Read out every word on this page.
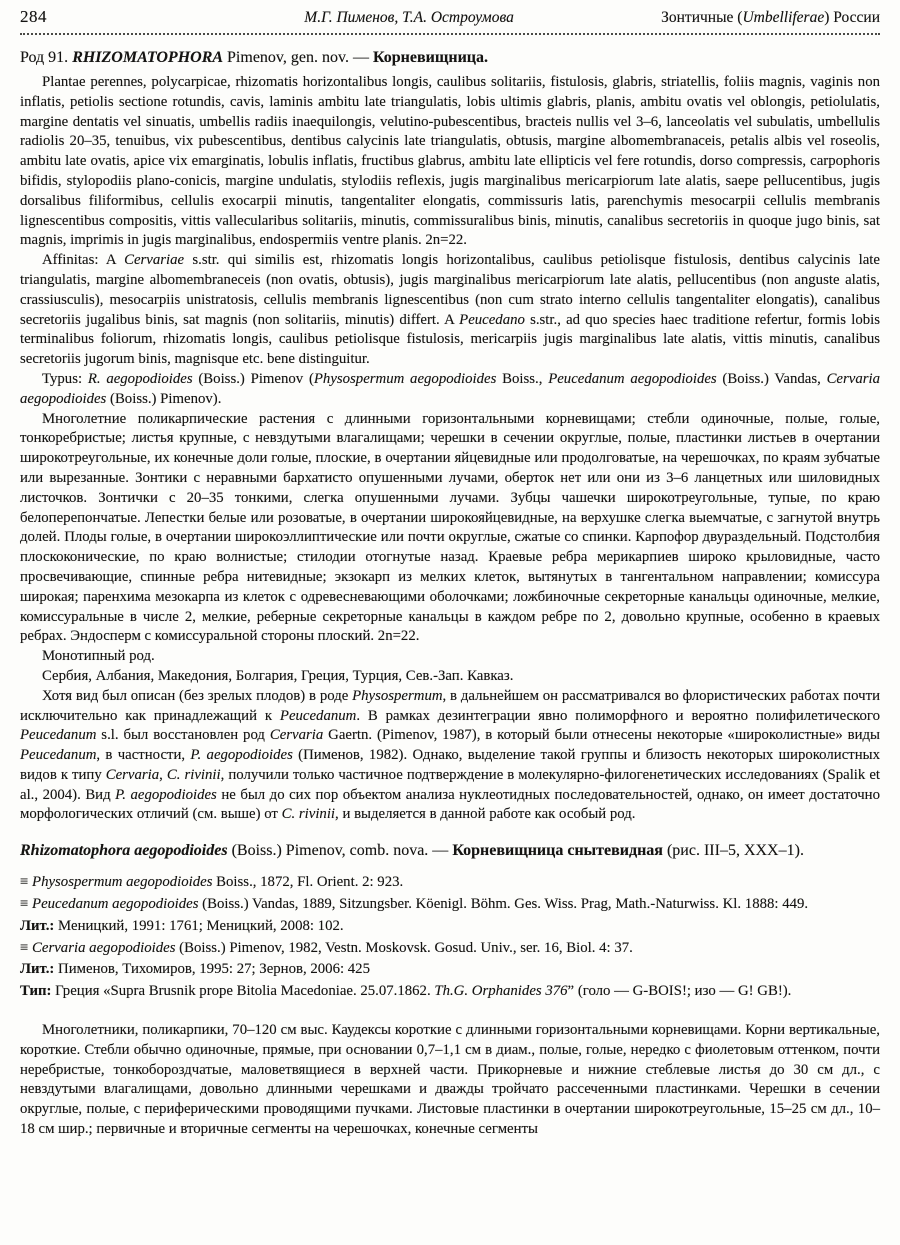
284	М.Г. Пименов, Т.А. Остроумова	Зонтичные (Umbelliferae) России

Род 91. RHIZOMATOPHORA Pimenov, gen. nov. — Корневищница.

Plantae perennes, polycarpicae, rhizomatis horizontalibus longis, caulibus solitariis, fistulosis, glabris, striatellis, foliis magnis, vaginis non inflatis, petiolis sectione rotundis, cavis, laminis ambitu late triangulatis, lobis ultimis glabris, planis, ambitu ovatis vel oblongis, petiolulatis, margine dentatis vel sinuatis, umbellis radiis inaequilongis, velutino-pubescentibus, bracteis nullis vel 3–6, lanceolatis vel subulatis, umbellulis radiolis 20–35, tenuibus, vix pubescentibus, dentibus calycinis late triangulatis, obtusis, margine albomembranaceis, petalis albis vel roseolis, ambitu late ovatis, apice vix emarginatis, lobulis inflatis, fructibus glabrus, ambitu late ellipticis vel fere rotundis, dorso compressis, carpophoris bifidis, stylopodiis plano-conicis, margine undulatis, stylodiis reflexis, jugis marginalibus mericarpiorum late alatis, saepe pellucentibus, jugis dorsalibus filiformibus, cellulis exocarpii minutis, tangentaliter elongatis, commissuris latis, parenchymis mesocarpii cellulis membranis lignescentibus compositis, vittis vallecularibus solitariis, minutis, commissuralibus binis, minutis, canalibus secretoriis in quoque jugo binis, sat magnis, imprimis in jugis marginalibus, endospermiis ventre planis. 2n=22.

Affinitas: A Cervariae s.str. qui similis est, rhizomatis longis horizontalibus, caulibus petiolisque fistulosis, dentibus calycinis late triangulatis, margine albomembraneceis (non ovatis, obtusis), jugis marginalibus mericarpiorum late alatis, pellucentibus (non anguste alatis, crassiusculis), mesocarpiis unistratosis, cellulis membranis lignescentibus (non cum strato interno cellulis tangentaliter elongatis), canalibus secretoriis jugalibus binis, sat magnis (non solitariis, minutis) differt. A Peucedano s.str., ad quo species haec traditione refertur, formis lobis terminalibus foliorum, rhizomatis longis, caulibus petiolisque fistulosis, mericarpiis jugis marginalibus late alatis, vittis minutis, canalibus secretoriis jugorum binis, magnisque etc. bene distinguitur.

Typus: R. aegopodioides (Boiss.) Pimenov (Physospermum aegopodioides Boiss., Peucedanum aegopodioides (Boiss.) Vandas, Cervaria aegopodioides (Boiss.) Pimenov).

Многолетние поликарпические растения с длинными горизонтальными корневищами; стебли одиночные, полые, голые, тонкоребристые; листья крупные, с невздутыми влагалищами; черешки в сечении округлые, полые, пластинки листьев в очертании широкотреугольные, их конечные доли голые, плоские, в очертании яйцевидные или продолговатые, на черешочках, по краям зубчатые или вырезанные. Зонтики с неравными бархатисто опушенными лучами, оберток нет или они из 3–6 ланцетных или шиловидных листочков. Зонтички с 20–35 тонкими, слегка опушенными лучами. Зубцы чашечки широкотреугольные, тупые, по краю белоперепончатые. Лепестки белые или розоватые, в очертании широкояйцевидные, на верхушке слегка выемчатые, с загнутой внутрь долей. Плоды голые, в очертании широкоэллиптические или почти округлые, сжатые со спинки. Карпофор двураздельный. Подстолбия плоскоконические, по краю волнистые; стилодии отогнутые назад. Краевые ребра мерикарпиев широко крыловидные, часто просвечивающие, спинные ребра нитевидные; экзокарп из мелких клеток, вытянутых в тангентальном направлении; комиссура широкая; паренхима мезокарпа из клеток с одревесневающими оболочками; ложбиночные секреторные канальцы одиночные, мелкие, комиссуральные в числе 2, мелкие, реберные секреторные канальцы в каждом ребре по 2, довольно крупные, особенно в краевых ребрах. Эндосперм с комиссуральной стороны плоский. 2n=22.

Монотипный род.

Сербия, Албания, Македония, Болгария, Греция, Турция, Сев.-Зап. Кавказ.

Хотя вид был описан (без зрелых плодов) в роде Physospermum, в дальнейшем он рассматривался во флористических работах почти исключительно как принадлежащий к Peucedanum. В рамках дезинтеграции явно полиморфного и вероятно полифилетического Peucedanum s.l. был восстановлен род Cervaria Gaertn. (Pimenov, 1987), в который были отнесены некоторые «широколистные» виды Peucedanum, в частности, P. aegopodioides (Пименов, 1982). Однако, выделение такой группы и близость некоторых широколистных видов к типу Cervaria, C. rivinii, получили только частичное подтверждение в молекулярно-филогенетических исследованиях (Spalik et al., 2004). Вид P. aegopodioides не был до сих пор объектом анализа нуклеотидных последовательностей, однако, он имеет достаточно морфологических отличий (см. выше) от C. rivinii, и выделяется в данной работе как особый род.

Rhizomatophora aegopodioides (Boiss.) Pimenov, comb. nova. — Корневищница снытевидная (рис. III–5, XXX–1).

≡ Physospermum aegopodioides Boiss., 1872, Fl. Orient. 2: 923.

≡ Peucedanum aegopodioides (Boiss.) Vandas, 1889, Sitzungsber. Köenigl. Böhm. Ges. Wiss. Prag, Math.-Naturwiss. Kl. 1888: 449.

Лит.: Меницкий, 1991: 1761; Меницкий, 2008: 102.

≡ Cervaria aegopodioides (Boiss.) Pimenov, 1982, Vestn. Moskovsk. Gosud. Univ., ser. 16, Biol. 4: 37.

Лит.: Пименов, Тихомиров, 1995: 27; Зернов, 2006: 425

Тип: Греция «Supra Brusnik prope Bitolia Macedoniae. 25.07.1862. Th.G. Orphanides 376” (голо — G-BOIS!; изо — G! GB!).

Многолетники, поликарпики, 70–120 см выс. Каудексы короткие с длинными горизонтальными корневищами. Корни вертикальные, короткие. Стебли обычно одиночные, прямые, при основании 0,7–1,1 см в диам., полые, голые, нередко с фиолетовым оттенком, почти неребристые, тонкобороздчатые, маловетвящиеся в верхней части. Прикорневые и нижние стеблевые листья до 30 см дл., с невздутыми влагалищами, довольно длинными черешками и дважды тройчато рассеченными пластинками. Черешки в сечении округлые, полые, с периферическими проводящими пучками. Листовые пластинки в очертании широкотреугольные, 15–25 см дл., 10–18 см шир.; первичные и вторичные сегменты на черешочках, конечные сегменты
